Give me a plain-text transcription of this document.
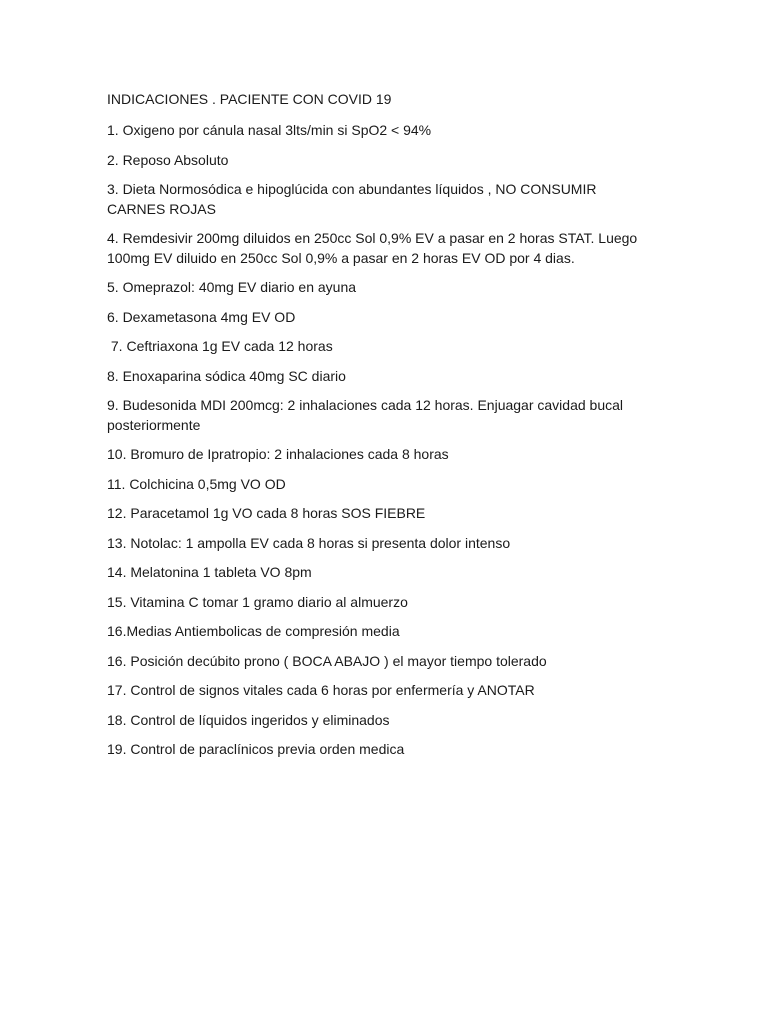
INDICACIONES . PACIENTE CON COVID 19
1. Oxigeno por cánula nasal 3lts/min si SpO2 < 94%
2. Reposo Absoluto
3. Dieta Normosódica e hipoglúcida con abundantes líquidos , NO CONSUMIR CARNES ROJAS
4. Remdesivir 200mg diluidos en 250cc Sol 0,9% EV a pasar en 2 horas STAT. Luego 100mg EV diluido en 250cc Sol 0,9% a pasar en 2 horas EV OD por 4 dias.
5. Omeprazol: 40mg EV diario en ayuna
6. Dexametasona 4mg EV OD
7. Ceftriaxona 1g EV cada 12 horas
8. Enoxaparina sódica 40mg SC diario
9. Budesonida MDI 200mcg: 2 inhalaciones cada 12 horas. Enjuagar cavidad bucal posteriormente
10. Bromuro de Ipratropio: 2 inhalaciones cada 8 horas
11. Colchicina 0,5mg VO OD
12. Paracetamol 1g VO cada 8 horas SOS FIEBRE
13. Notolac: 1 ampolla EV cada 8 horas si presenta dolor intenso
14. Melatonina 1 tableta VO 8pm
15. Vitamina C tomar 1 gramo diario al almuerzo
16.Medias Antiembolicas de compresión media
16. Posición decúbito prono ( BOCA ABAJO ) el mayor tiempo tolerado
17. Control de signos vitales cada 6 horas por enfermería y ANOTAR
18. Control de líquidos ingeridos y eliminados
19. Control de paraclínicos previa orden medica
